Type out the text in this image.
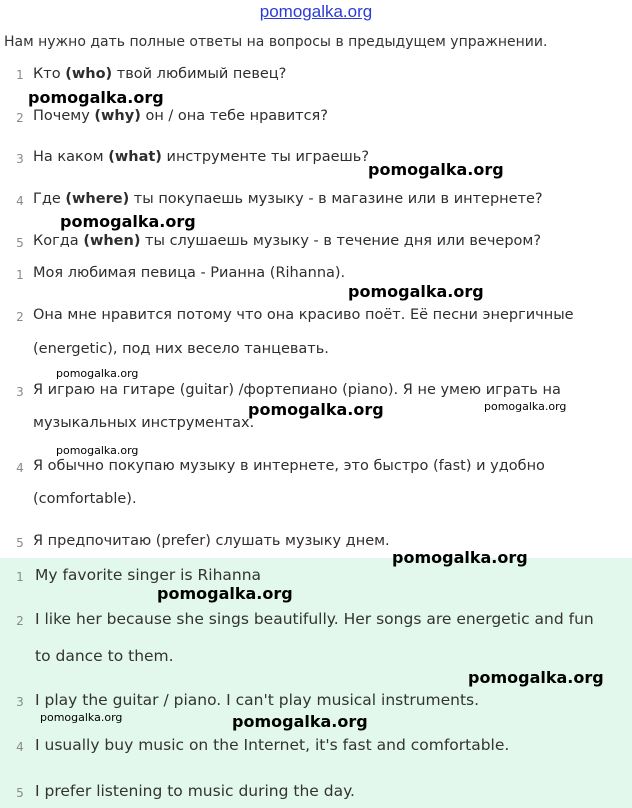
pomogalka.org
Нам нужно дать полные ответы на вопросы в предыдущем упражнении.
1 Кто (who) твой любимый певец?
2 Почему (why) он / она тебе нравится?
3 На каком (what) инструменте ты играешь?
4 Где (where) ты покупаешь музыку - в магазине или в интернете?
5 Когда (when) ты слушаешь музыку - в течение дня или вечером?
1 Моя любимая певица - Рианна (Rihanna).
2 Она мне нравится потому что она красиво поёт. Её песни энергичные
(energetic), под них весело танцевать.
3 Я играю на гитаре (guitar) /фортепиано (piano). Я не умею играть на
музыкальных инструментах.
4 Я обычно покупаю музыку в интернете, это быстро (fast) и удобно
(comfortable).
5 Я предпочитаю (prefer) слушать музыку днем.
1 My favorite singer is Rihanna
2 I like her because she sings beautifully. Her songs are energetic and fun
to dance to them.
3 I play the guitar / piano. I can't play musical instruments.
4 I usually buy music on the Internet, it's fast and comfortable.
5 I prefer listening to music during the day.
pomogalka.org
pomogalka.org
pomogalka.org
pomogalka.org
pomogalka.org
pomogalka.org	pomogalka.org
pomogalka.org
pomogalka.org
pomogalka.org
pomogalka.org
pomogalka.org	pomogalka.org
